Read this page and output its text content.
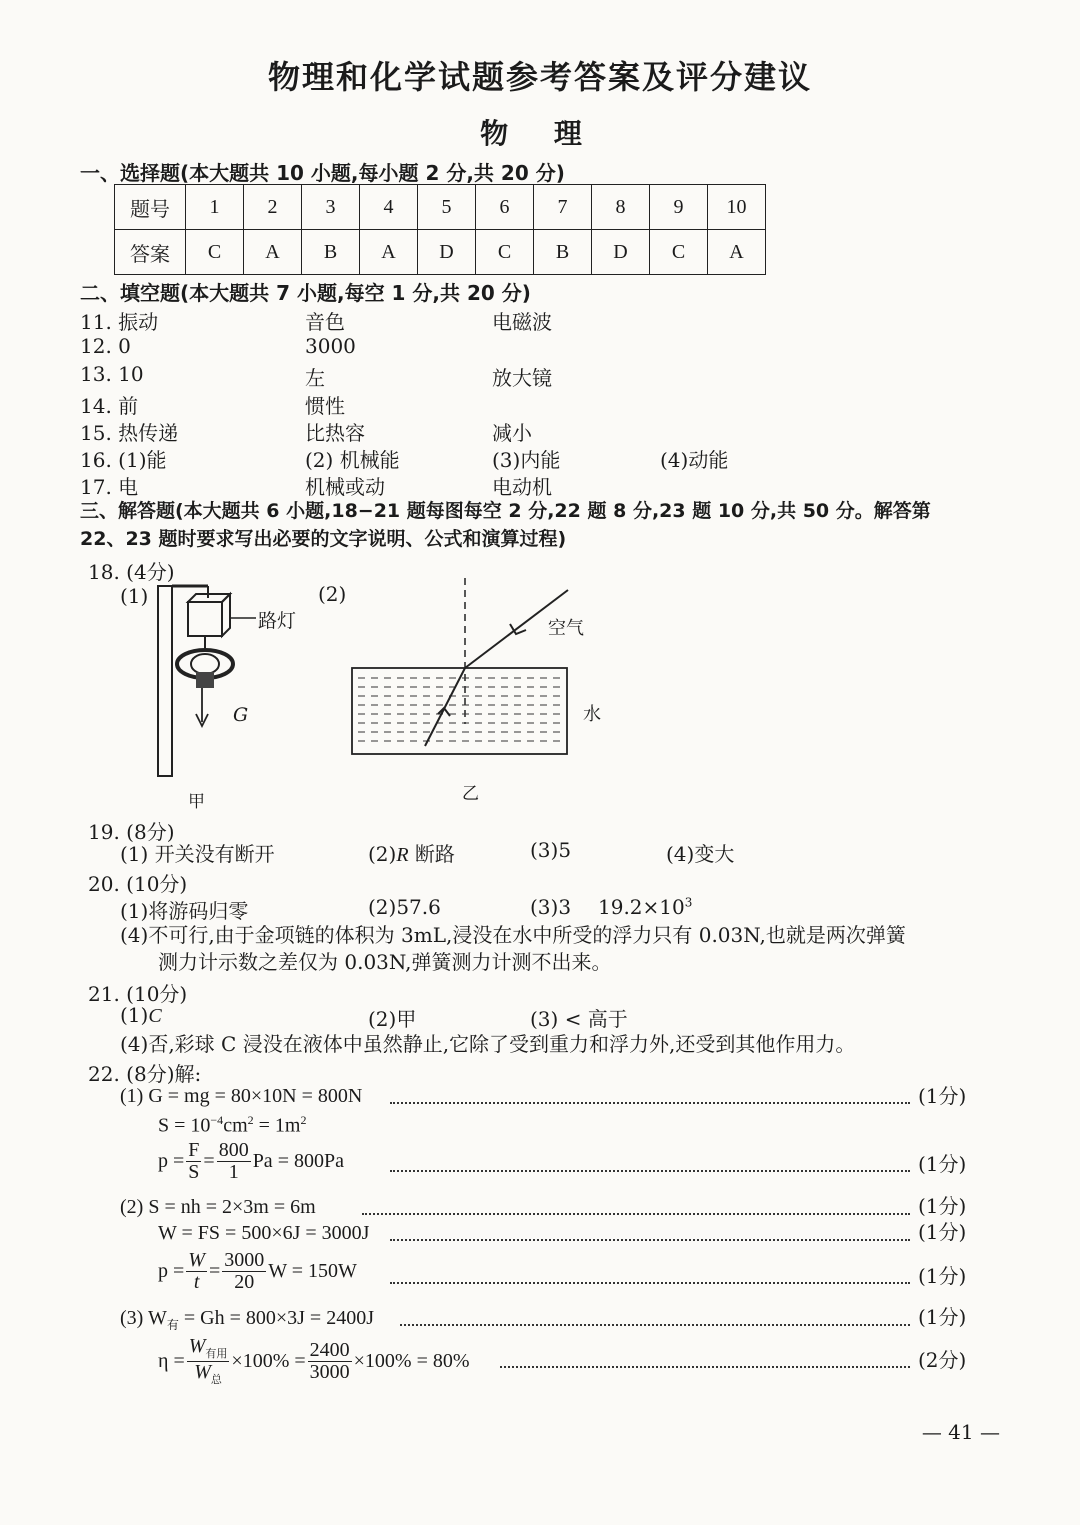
物理和化学试题参考答案及评分建议
物 理
一、选择题(本大题共 10 小题,每小题 2 分,共 20 分)
题号	1	2	3	4	5	6	7	8	9	10
答案	C	A	B	A	D	C	B	D	C	A
二、填空题(本大题共 7 小题,每空 1 分,共 20 分)
11. 振动	音色	电磁波
12. 0	3000
13. 10	左	放大镜
14. 前	惯性
15. 热传递	比热容	减小
16. (1)能	(2) 机械能	(3)内能	(4)动能
17. 电	机械或动	电动机
三、解答题(本大题共 6 小题,18−21 题每图每空 2 分,22 题 8 分,23 题 10 分,共 50 分。解答第
22、23 题时要求写出必要的文字说明、公式和演算过程)
18. (4分)
(1)	(2)
路灯
G
甲
空气
水
乙
19. (8分)
(1) 开关没有断开	(2)R 断路	(3)5	(4)变大
20. (10分)
(1)将游码归零	(2)57.6	(3)3 $19.2\times 10^3$
(4)不可行,由于金项链的体积为 3mL,浸没在水中所受的浮力只有 0.03N,也就是两次弹簧
测力计示数之差仅为 0.03N,弹簧测力计测不出来。
21. (10分)
(1)C	(2)甲	(3) < 高于
(4)否,彩球 C 浸没在液体中虽然静止,它除了受到重力和浮力外,还受到其他作用力。
22. (8分)解:
(1) G = mg = 80×10N = 800N	(1分)
$S = 10^{-4}cm^2 = 1m^2$
$p = \frac{F}{S} = \frac{800}{1}$ Pa = 800Pa	(1分)
(2) S = nh = 2×3m = 6m	(1分)
W = FS = 500×6J = 3000J	(1分)
$p = \frac{W}{t} = \frac{3000}{20}$ W = 150W	(1分)
(3) $W_有 = Gh = 800\times 3J = 2400J$	(1分)
$\eta = \frac{W_{有用}}{W_总} \times 100\% = \frac{2400}{3000} \times 100\% = 80\%$	(2分)
— 41 —
